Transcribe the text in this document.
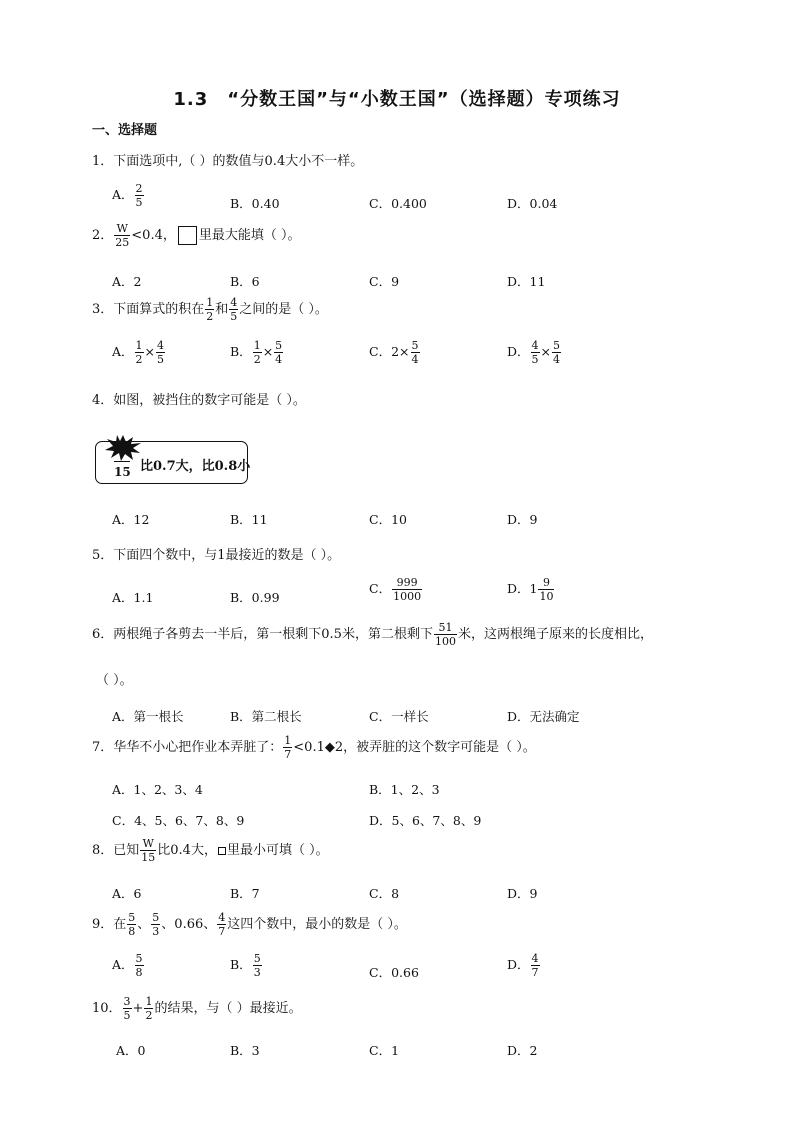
1.3　“分数王国”与“小数王国”（选择题）专项练习
一、选择题
1．下面选项中,（ ）的数值与0.4大小不一样。
A． $\frac{2}{5}$	B．0.40	C．0.400	D．0.04
2． $\frac{W}{25} <0.4$， 里最大能填（ ）。
A．2	B．6	C．9	D．11
3．下面算式的积在 $\frac{1}{2}$ 和 $\frac{4}{5}$ 之间的是（ ）。
A． $\frac{1}{2} \times \frac{4}{5}$	B． $\frac{1}{2} \times \frac{5}{4}$	C．$2\times \frac{5}{4}$	D． $\frac{4}{5} \times \frac{5}{4}$
4．如图，被挡住的数字可能是（ ）。
15 比0.7大，比0.8小
A．12	B．11	C．10	D．9
5．下面四个数中，与1最接近的数是（ ）。
A．1.1	B．0.99
C． $\frac{999}{1000}$	D．$1 \frac{9}{10}$
6．两根绳子各剪去一半后，第一根剩下0.5米，第二根剩下 $\frac{51}{100}$ 米，这两根绳子原来的长度相比，
（ ）。
A．第一根长	B．第二根长	C．一样长	D．无法确定
7．华华不小心把作业本弄脏了： $\frac{1}{7}$ <0.1◆2，被弄脏的这个数字可能是（ ）。
A．1、2、3、4	B．1、2、3
C．4、5、6、7、8、9	D．5、6、7、8、9
8．已知 $\frac{W}{15}$ 比0.4大， 里最小可填（ ）。
A．6	B．7	C．8	D．9
9．在 $\frac{5}{8}$ 、 $\frac{5}{3}$ 、0.66、 $\frac{4}{7}$ 这四个数中，最小的数是（ ）。
A． $\frac{5}{8}$	B． $\frac{5}{3}$	C．0.66
D． $\frac{4}{7}$
10． $\frac{3}{5} + \frac{1}{2}$ 的结果，与（ ）最接近。
A．0	B．3	C．1	D．2
